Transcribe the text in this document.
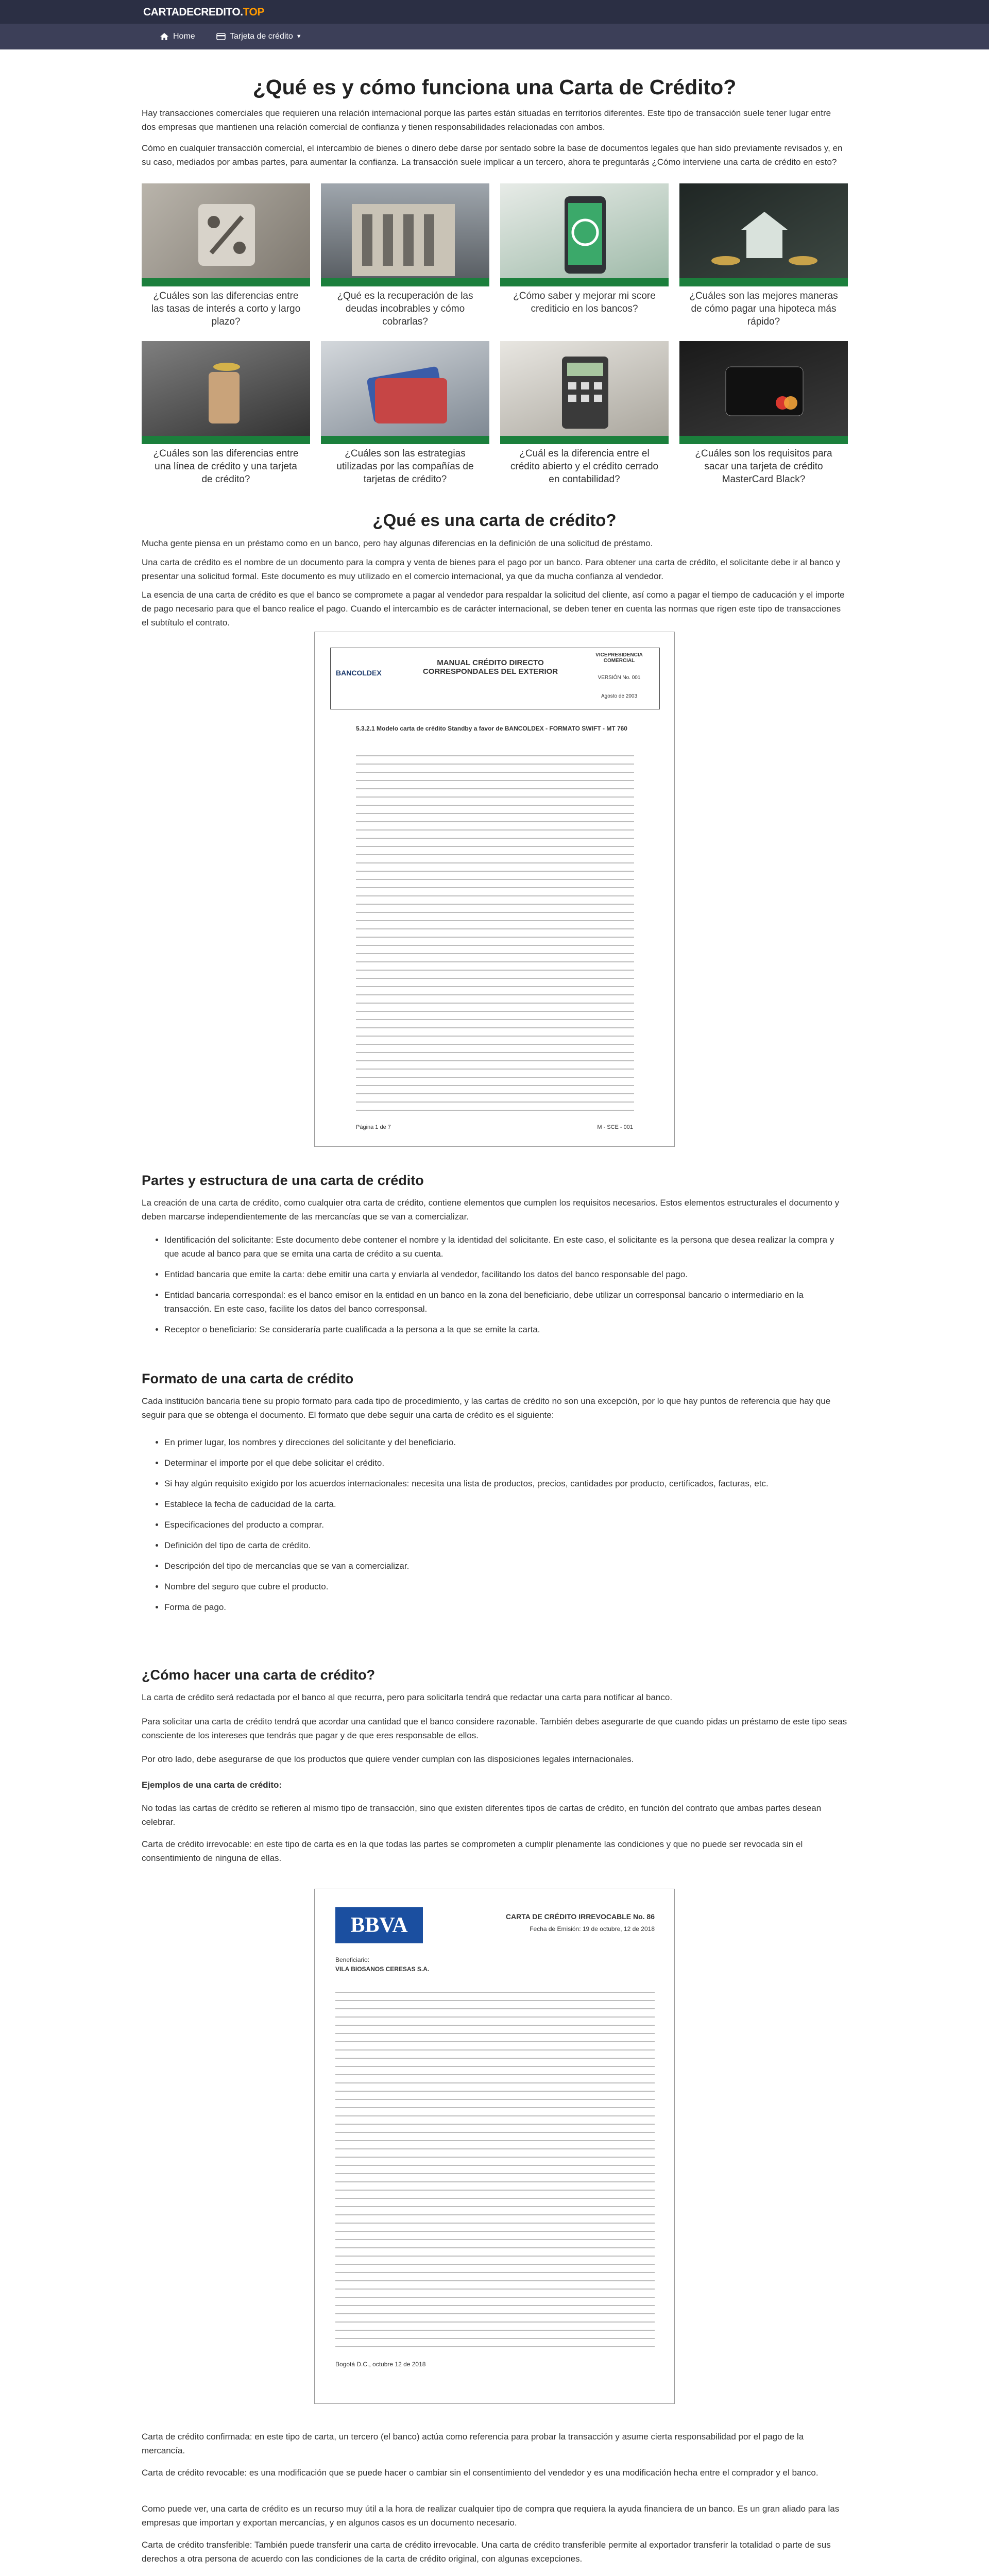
CARTADECREDITO.TOP
Home	Tarjeta de crédito ▼
¿Qué es y cómo funciona una Carta de Crédito?

Hay transacciones comerciales que requieren una relación internacional porque las partes están situadas en territorios diferentes. Este tipo de transacción suele tener lugar entre dos empresas que mantienen una relación comercial de confianza y tienen responsabilidades relacionadas con ambos.

Cómo en cualquier transacción comercial, el intercambio de bienes o dinero debe darse por sentado sobre la base de documentos legales que han sido previamente revisados y, en su caso, mediados por ambas partes, para aumentar la confianza. La transacción suele implicar a un tercero, ahora te preguntarás ¿Cómo interviene una carta de crédito en esto?

¿Cuáles son las diferencias entre las tasas de interés a corto y largo plazo?
¿Qué es la recuperación de las deudas incobrables y cómo cobrarlas?
¿Cómo saber y mejorar mi score crediticio en los bancos?
¿Cuáles son las mejores maneras de cómo pagar una hipoteca más rápido?
¿Cuáles son las diferencias entre una línea de crédito y una tarjeta de crédito?
¿Cuáles son las estrategias utilizadas por las compañías de tarjetas de crédito?
¿Cuál es la diferencia entre el crédito abierto y el crédito cerrado en contabilidad?
¿Cuáles son los requisitos para sacar una tarjeta de crédito MasterCard Black?
¿Qué es una carta de crédito?

Mucha gente piensa en un préstamo como en un banco, pero hay algunas diferencias en la definición de una solicitud de préstamo.

Una carta de crédito es el nombre de un documento para la compra y venta de bienes para el pago por un banco. Para obtener una carta de crédito, el solicitante debe ir al banco y presentar una solicitud formal. Este documento es muy utilizado en el comercio internacional, ya que da mucha confianza al vendedor.

La esencia de una carta de crédito es que el banco se compromete a pagar al vendedor para respaldar la solicitud del cliente, así como a pagar el tiempo de caducación y el importe de pago necesario para que el banco realice el pago. Cuando el intercambio es de carácter internacional, se deben tener en cuenta las normas que rigen este tipo de transacciones el subtítulo el contrato.

BANCOLDEX
MANUAL CRÉDITO DIRECTO CORRESPONDALES DEL EXTERIOR
VICEPRESIDENCIA COMERCIAL
VERSIÓN No. 001
Agosto de 2003
5.3.2.1 Modelo carta de crédito Standby a favor de BANCOLDEX - FORMATO SWIFT - MT 760
Página 1 de 7	M - SCE - 001
Partes y estructura de una carta de crédito

La creación de una carta de crédito, como cualquier otra carta de crédito, contiene elementos que cumplen los requisitos necesarios. Estos elementos estructurales el documento y deben marcarse independientemente de las mercancías que se van a comercializar.

• Identificación del solicitante: Este documento debe contener el nombre y la identidad del solicitante. En este caso, el solicitante es la persona que desea realizar la compra y que acude al banco para que se emita una carta de crédito a su cuenta.
• Entidad bancaria que emite la carta: debe emitir una carta y enviarla al vendedor, facilitando los datos del banco responsable del pago.
• Entidad bancaria correspondal: es el banco emisor en la entidad en un banco en la zona del beneficiario, debe utilizar un corresponsal bancario o intermediario en la transacción. En este caso, facilite los datos del banco corresponsal.
• Receptor o beneficiario: Se consideraría parte cualificada a la persona a la que se emite la carta.
Formato de una carta de crédito

Cada institución bancaria tiene su propio formato para cada tipo de procedimiento, y las cartas de crédito no son una excepción, por lo que hay puntos de referencia que hay que seguir para que se obtenga el documento. El formato que debe seguir una carta de crédito es el siguiente:

• En primer lugar, los nombres y direcciones del solicitante y del beneficiario.
• Determinar el importe por el que debe solicitar el crédito.
• Si hay algún requisito exigido por los acuerdos internacionales: necesita una lista de productos, precios, cantidades por producto, certificados, facturas, etc.
• Establece la fecha de caducidad de la carta.
• Especificaciones del producto a comprar.
• Definición del tipo de carta de crédito.
• Descripción del tipo de mercancías que se van a comercializar.
• Nombre del seguro que cubre el producto.
• Forma de pago.
¿Cómo hacer una carta de crédito?

La carta de crédito será redactada por el banco al que recurra, pero para solicitarla tendrá que redactar una carta para notificar al banco.

Para solicitar una carta de crédito tendrá que acordar una cantidad que el banco considere razonable. También debes asegurarte de que cuando pidas un préstamo de este tipo seas consciente de los intereses que tendrás que pagar y de que eres responsable de ellos.

Por otro lado, debe asegurarse de que los productos que quiere vender cumplan con las disposiciones legales internacionales.

Ejemplos de una carta de crédito:

No todas las cartas de crédito se refieren al mismo tipo de transacción, sino que existen diferentes tipos de cartas de crédito, en función del contrato que ambas partes desean celebrar.

Carta de crédito irrevocable: en este tipo de carta es en la que todas las partes se comprometen a cumplir plenamente las condiciones y que no puede ser revocada sin el consentimiento de ninguna de ellas.

BBVA	CARTA DE CRÉDITO IRREVOCABLE No. 86
Fecha de Emisión: 19 de octubre, 12 de 2018
Beneficiario:
VILA BIOSANOS CERESAS S.A.
Bogotá D.C., octubre 12 de 2018

Carta de crédito confirmada: en este tipo de carta, un tercero (el banco) actúa como referencia para probar la transacción y asume cierta responsabilidad por el pago de la mercancía.

Carta de crédito revocable: es una modificación que se puede hacer o cambiar sin el consentimiento del vendedor y es una modificación hecha entre el comprador y el banco.

Como puede ver, una carta de crédito es un recurso muy útil a la hora de realizar cualquier tipo de compra que requiera la ayuda financiera de un banco. Es un gran aliado para las empresas que importan y exportan mercancías, y en algunos casos es un documento necesario.

Carta de crédito transferible: También puede transferir una carta de crédito irrevocable. Una carta de crédito transferible permite al exportador transferir la totalidad o parte de sus derechos a otra persona de acuerdo con las condiciones de la carta de crédito original, con algunas excepciones.
